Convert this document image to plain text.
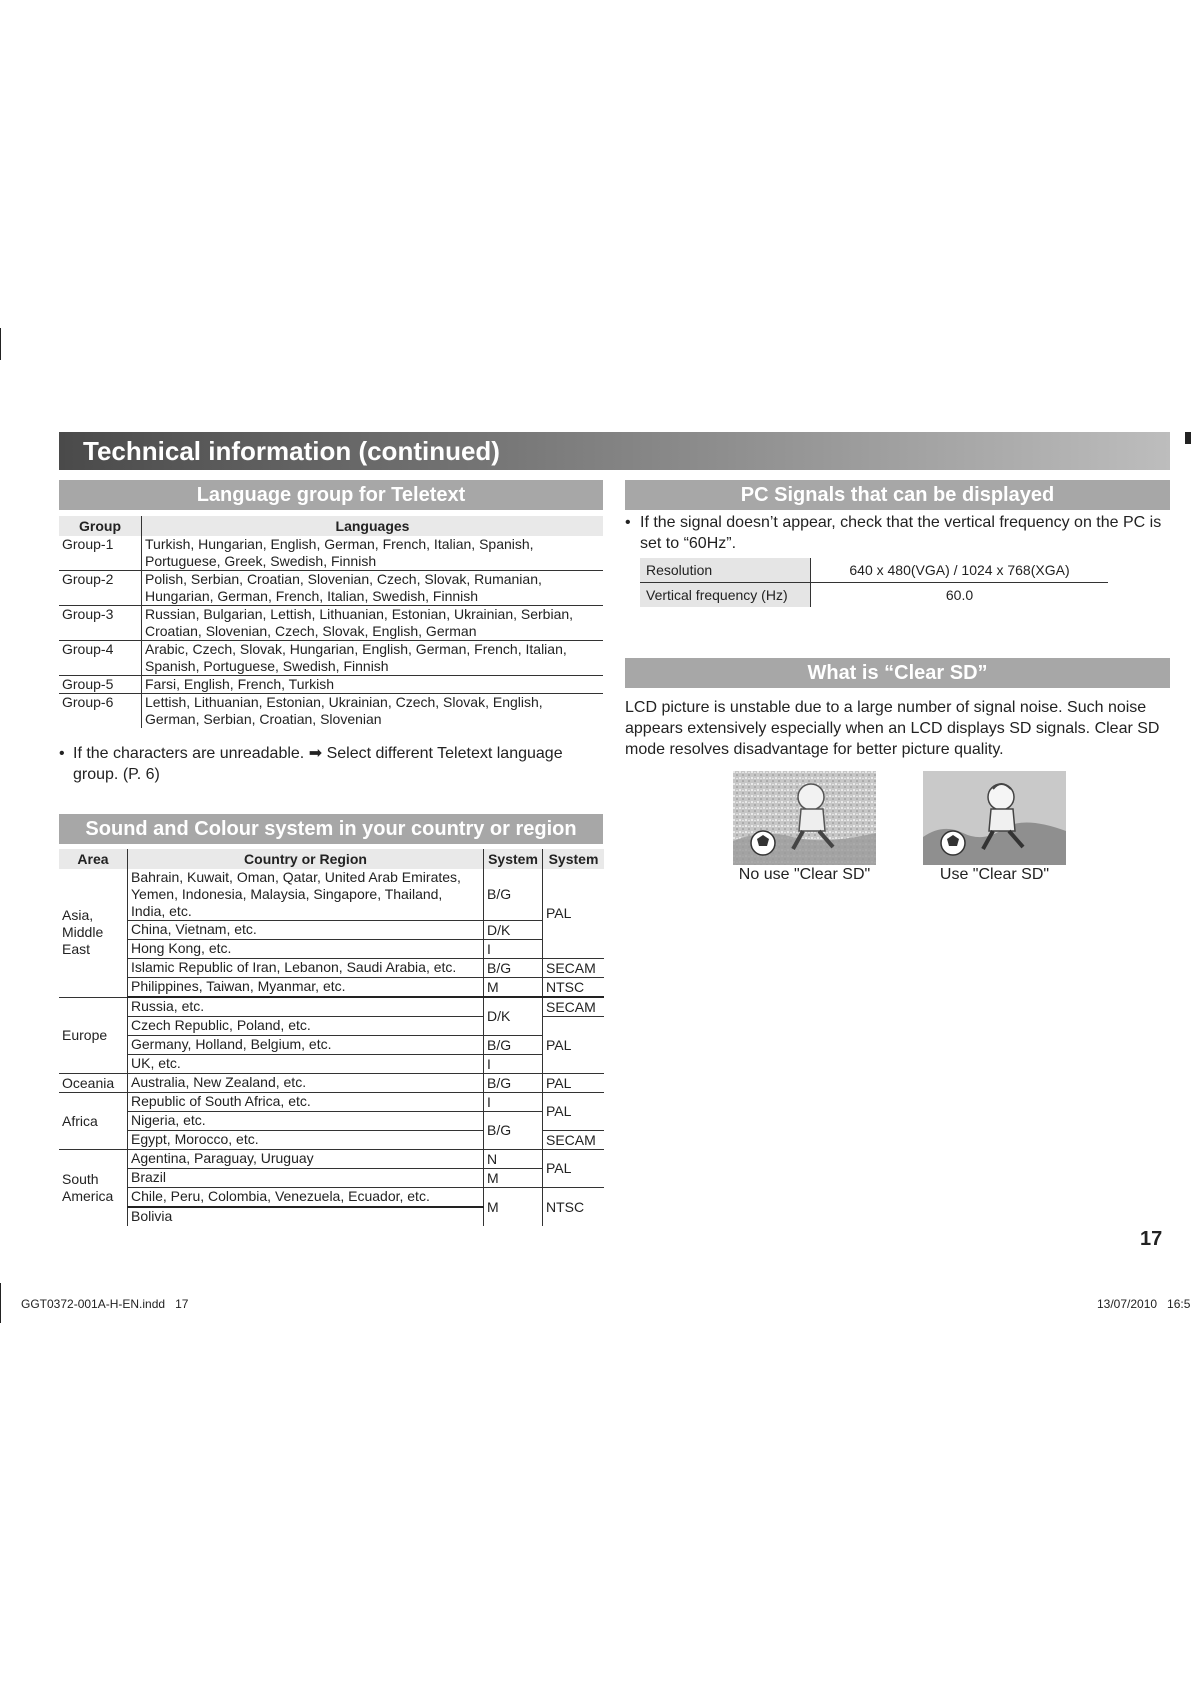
Technical information (continued)
Language group for Teletext
Group	Languages
Group-1	Turkish, Hungarian, English, German, French, Italian, Spanish, Portuguese, Greek, Swedish, Finnish
Group-2	Polish, Serbian, Croatian, Slovenian, Czech, Slovak, Rumanian, Hungarian, German, French, Italian, Swedish, Finnish
Group-3	Russian, Bulgarian, Lettish, Lithuanian, Estonian, Ukrainian, Serbian, Croatian, Slovenian, Czech, Slovak, English, German
Group-4	Arabic, Czech, Slovak, Hungarian, English, German, French, Italian, Spanish, Portuguese, Swedish, Finnish
Group-5	Farsi, English, French, Turkish
Group-6	Lettish, Lithuanian, Estonian, Ukrainian, Czech, Slovak, English, German, Serbian, Croatian, Slovenian
• If the characters are unreadable. ➡ Select different Teletext language group. (P. 6)
Sound and Colour system in your country or region
Area	Country or Region	System	System
Asia, Middle East	Bahrain, Kuwait, Oman, Qatar, United Arab Emirates, Yemen, Indonesia, Malaysia, Singapore, Thailand, India, etc.	B/G	PAL
	China, Vietnam, etc.	D/K	
	Hong Kong, etc.	I	
	Islamic Republic of Iran, Lebanon, Saudi Arabia, etc.	B/G	SECAM
	Philippines, Taiwan, Myanmar, etc.	M	NTSC
Europe	Russia, etc.	D/K	SECAM
	Czech Republic, Poland, etc.		PAL
	Germany, Holland, Belgium, etc.	B/G	
	UK, etc.	I	
Oceania	Australia, New Zealand, etc.	B/G	PAL
Africa	Republic of South Africa, etc.	I	PAL
	Nigeria, etc.	B/G	
	Egypt, Morocco, etc.		SECAM
South America	Agentina, Paraguay, Uruguay	N	PAL
	Brazil	M	
	Chile, Peru, Colombia, Venezuela, Ecuador, etc.	M	NTSC
	Bolivia		
PC Signals that can be displayed
• If the signal doesn’t appear, check that the vertical frequency on the PC is set to “60Hz”.
Resolution	640 x 480(VGA) / 1024 x 768(XGA)
Vertical frequency (Hz)	60.0
What is “Clear SD”
LCD picture is unstable due to a large number of signal noise. Such noise appears extensively especially when an LCD displays SD signals. Clear SD mode resolves disadvantage for better picture quality.
No use "Clear SD"	Use "Clear SD"
17
GGT0372-001A-H-EN.indd   17	13/07/2010   16:5
